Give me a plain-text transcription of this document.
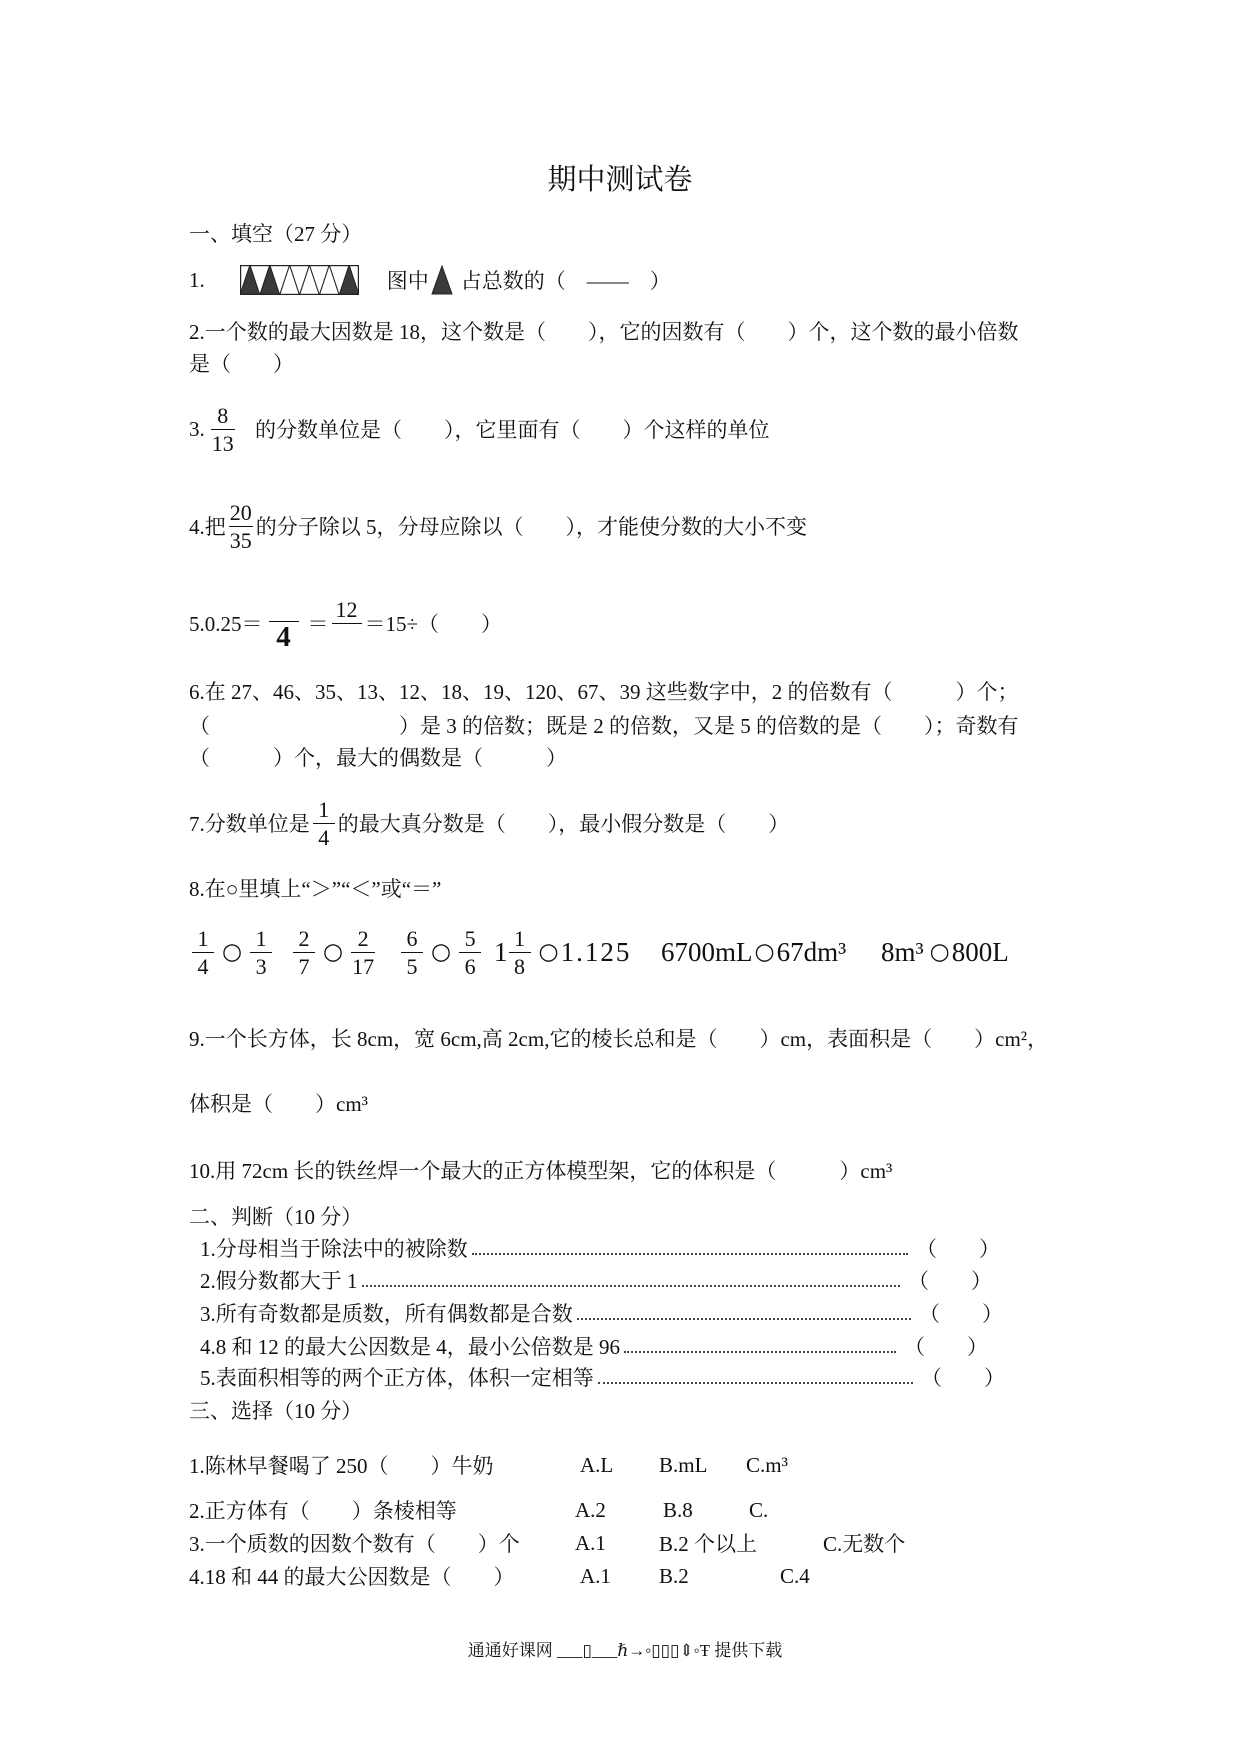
期中测试卷
一、填空（27 分）
1.	图中 占总数的（　——　）
2.一个数的最大因数是 18，这个数是（　　），它的因数有（　　）个，这个数的最小倍数
是（　　）
3. $\frac{8}{13}$ 的分数单位是（　　），它里面有（　　）个这样的单位
4.把 $\frac{20}{35}$ 的分子除以 5，分母应除以（　　），才能使分数的大小不变
5.0.25＝ 4 ＝
12
＝15÷（　　）
6.在 27、46、35、13、12、18、19、120、67、39 这些数字中，2 的倍数有（　　　）个；
（　　　　　　　　　）是 3 的倍数；既是 2 的倍数，又是 5 的倍数的是（　　）；奇数有
（　　　）个，最大的偶数是（　　　）
7.分数单位是 $\frac{1}{4}$ 的最大真分数是（　　），最小假分数是（　　）
8.在○里填上“＞”“＜”或“＝”
$\frac{1}{4}$ ○ $\frac{1}{3} \frac{2}{7}$ ○ $\frac{2}{17} \frac{6}{5}$ ○ $\frac{5}{6} 1 \frac{1}{8}$ ○ 1.125 6700mL ○ 67dm³ 8m³ ○ 800L
9.一个长方体，长 8cm，宽 6cm,高 2cm,它的棱长总和是（　　）cm，表面积是（　　）cm²，
体积是（　　）cm³
10.用 72cm 长的铁丝焊一个最大的正方体模型架，它的体积是（　　　）cm³
二、判断（10 分）
1.分母相当于除法中的被除数	（　　）
2.假分数都大于 1	（　　）
3.所有奇数都是质数，所有偶数都是合数	（　　）
4.8 和 12 的最大公因数是 4，最小公倍数是 96	（　　）
5.表面积相等的两个正方体，体积一定相等	（　　）
三、选择（10 分）
1.陈林早餐喝了 250（　　）牛奶	A.L B.mL C.m³
2.正方体有（　　）条棱相等	A.2	B.8	C.
3.一个质数的因数个数有（　　）个	A.1	B.2 个以上	C.无数个
4.18 和 44 的最大公因数是（　　）	A.1 B.2	C.4
通通好课网 ___▯___ℏ→◦▯▯▯⇕◦Ŧ 提供下载
